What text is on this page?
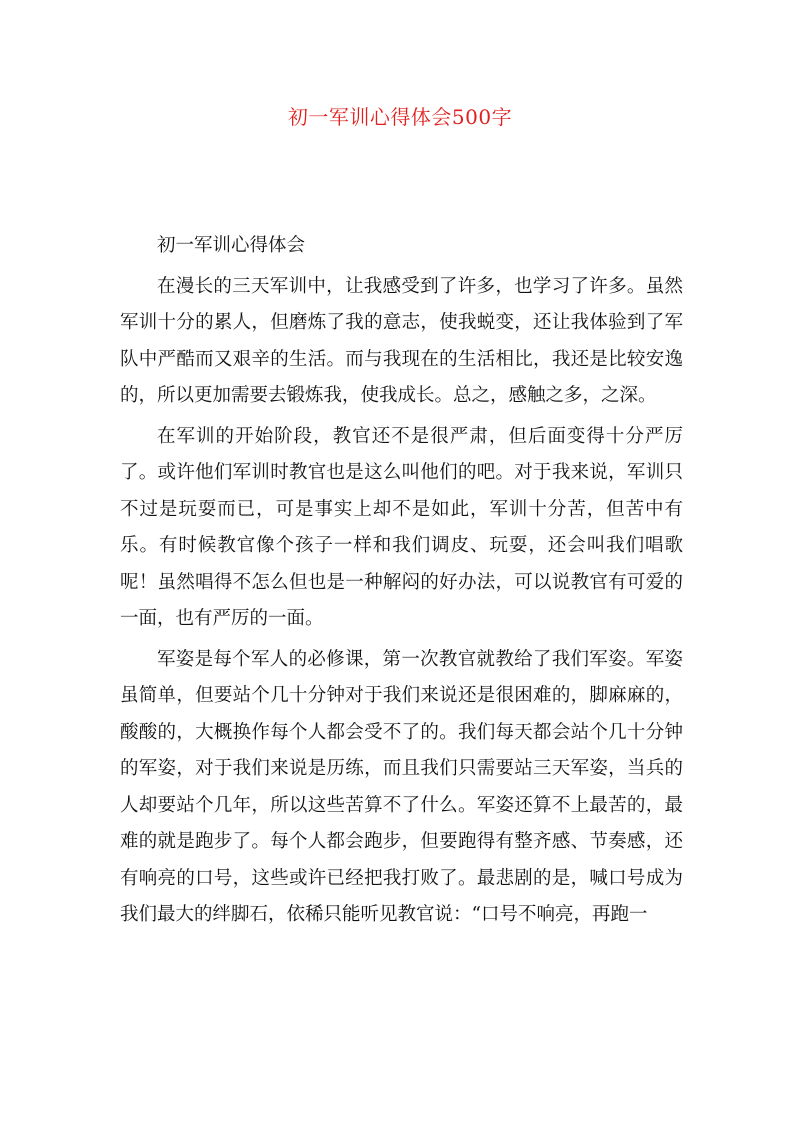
初一军训心得体会500字

初一军训心得体会

在漫长的三天军训中，让我感受到了许多，也学习了许多。虽然军训十分的累人，但磨炼了我的意志，使我蜕变，还让我体验到了军队中严酷而又艰辛的生活。而与我现在的生活相比，我还是比较安逸的，所以更加需要去锻炼我，使我成长。总之，感触之多，之深。

在军训的开始阶段，教官还不是很严肃，但后面变得十分严厉了。或许他们军训时教官也是这么叫他们的吧。对于我来说，军训只不过是玩耍而已，可是事实上却不是如此，军训十分苦，但苦中有乐。有时候教官像个孩子一样和我们调皮、玩耍，还会叫我们唱歌呢！虽然唱得不怎么但也是一种解闷的好办法，可以说教官有可爱的一面，也有严厉的一面。

军姿是每个军人的必修课，第一次教官就教给了我们军姿。军姿虽简单，但要站个几十分钟对于我们来说还是很困难的，脚麻麻的，酸酸的，大概换作每个人都会受不了的。我们每天都会站个几十分钟的军姿，对于我们来说是历练，而且我们只需要站三天军姿，当兵的人却要站个几年，所以这些苦算不了什么。军姿还算不上最苦的，最难的就是跑步了。每个人都会跑步，但要跑得有整齐感、节奏感，还有响亮的口号，这些或许已经把我打败了。最悲剧的是，喊口号成为我们最大的绊脚石，依稀只能听见教官说：“口号不响亮，再跑一
